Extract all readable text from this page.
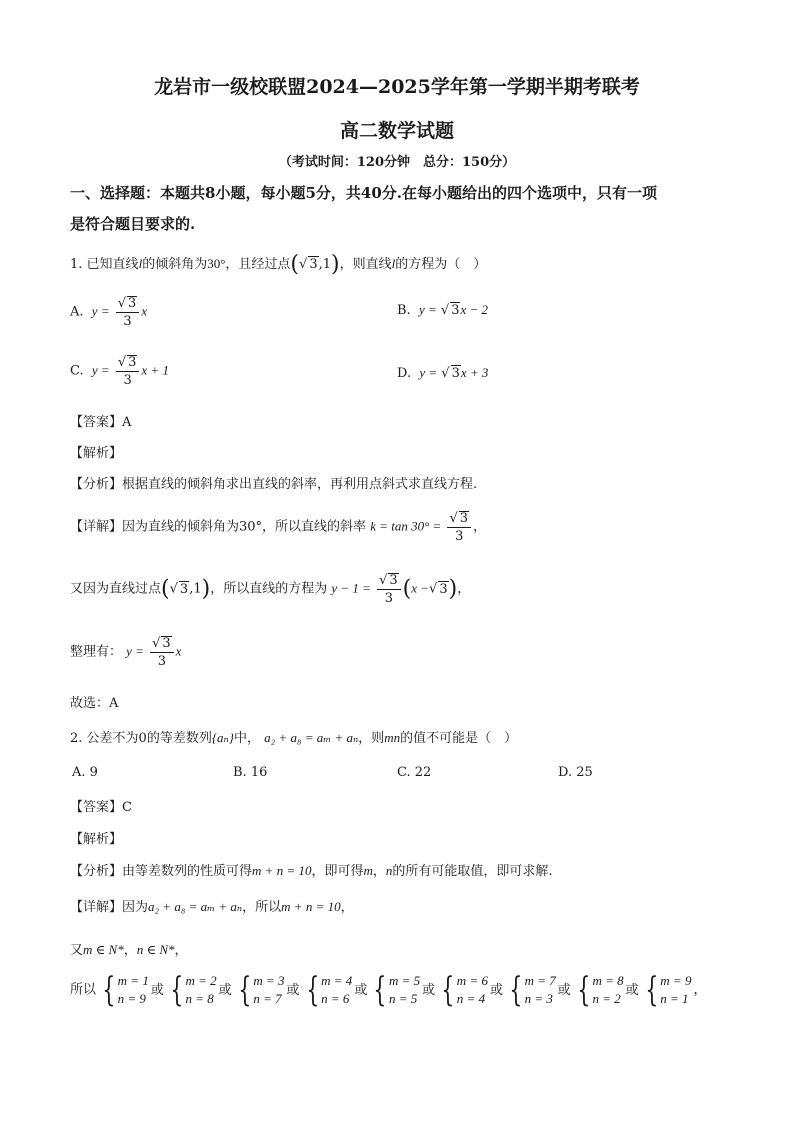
龙岩市一级校联盟2024—2025学年第一学期半期考联考
高二数学试题
（考试时间：120分钟　总分：150分）
一、选择题：本题共8小题，每小题5分，共40分.在每小题给出的四个选项中，只有一项
是符合题目要求的.
1. 已知直线l的倾斜角为30°，且经过点(√ 3,1)，则直线l的方程为（　）
A. $y = \frac{√ 3}{3}$ x	B. y = √ 3x − 2
C. $y = \frac{√ 3}{3}$ x + 1	D. y = √ 3x + 3
【答案】A
【解析】
【分析】根据直线的倾斜角求出直线的斜率，再利用点斜式求直线方程.
【详解】因为直线的倾斜角为30°，所以直线的斜率 $k = \tan 30^\circ = \frac{√ 3}{3}$ ，
又因为直线过点(√ 3,1)，所以直线的方程为 $y - 1 = \frac{√ 3}{3} (x$ −√ 3)，
整理有： $y = \frac{√ 3}{3}$ x
故选：A
2. 公差不为0的等差数列{aₙ}中， a₂ + a₈ = aₘ + aₙ，则mn的值不可能是（　）
A. 9	B. 16	C. 22	D. 25
【答案】C
【解析】
【分析】由等差数列的性质可得m + n = 10，即可得m，n的所有可能取值，即可求解.
【详解】因为a₂ + a₈ = aₘ + aₙ，所以m + n = 10，
又m ∈ N*，n ∈ N*，
所以 { m = 1
n = 9
或 { m = 2
n = 8
或 { m = 3
n = 7
或 { m = 4
n = 6
或 { m = 5
n = 5
或 { m = 6
n = 4
或 { m = 7
n = 3
或 { m = 8
n = 2
或 { m = 9
n = 1
，
